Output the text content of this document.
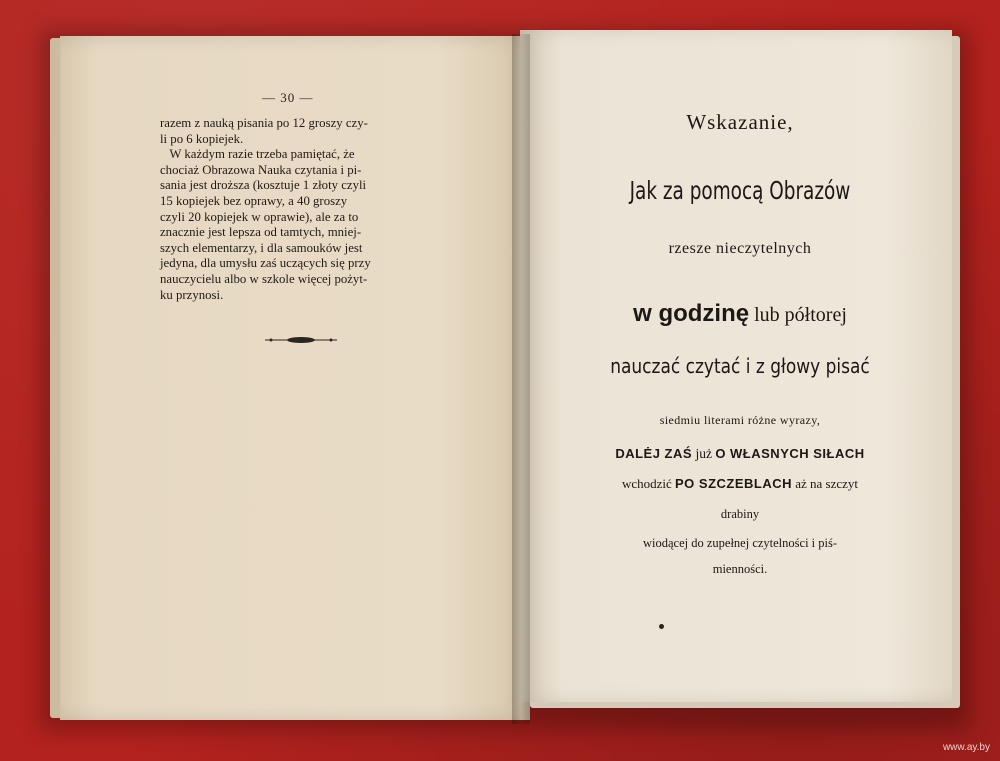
— 30 —

razem z nauką pisania po 12 groszy czy-
li po 6 kopiejek.
W każdym razie trzeba pamiętać, że
chociaż Obrazowa Nauka czytania i pi-
sania jest droższa (kosztuje 1 złoty czyli
15 kopiejek bez oprawy, a 40 groszy
czyli 20 kopiejek w oprawie), ale za to
znacznie jest lepsza od tamtych, mniej-
szych elementarzy, i dla samouków jest
jedyna, dla umysłu zaś uczących się przy
nauczycielu albo w szkole więcej pożyt-
ku przynosi.

Wskazanie,
Jak za pomocą Obrazów
rzesze nieczytelnych
w godzinę lub półtorej
nauczać czytać i z głowy pisać
siedmiu literami różne wyrazy,
DALĖJ ZAŚ już O WŁASNYCH SIŁACH
wchodzić PO SZCZEBLACH aż na szczyt
drabiny
wiodącej do zupełnej czytelności i piś-
mienności.
www.ay.by
